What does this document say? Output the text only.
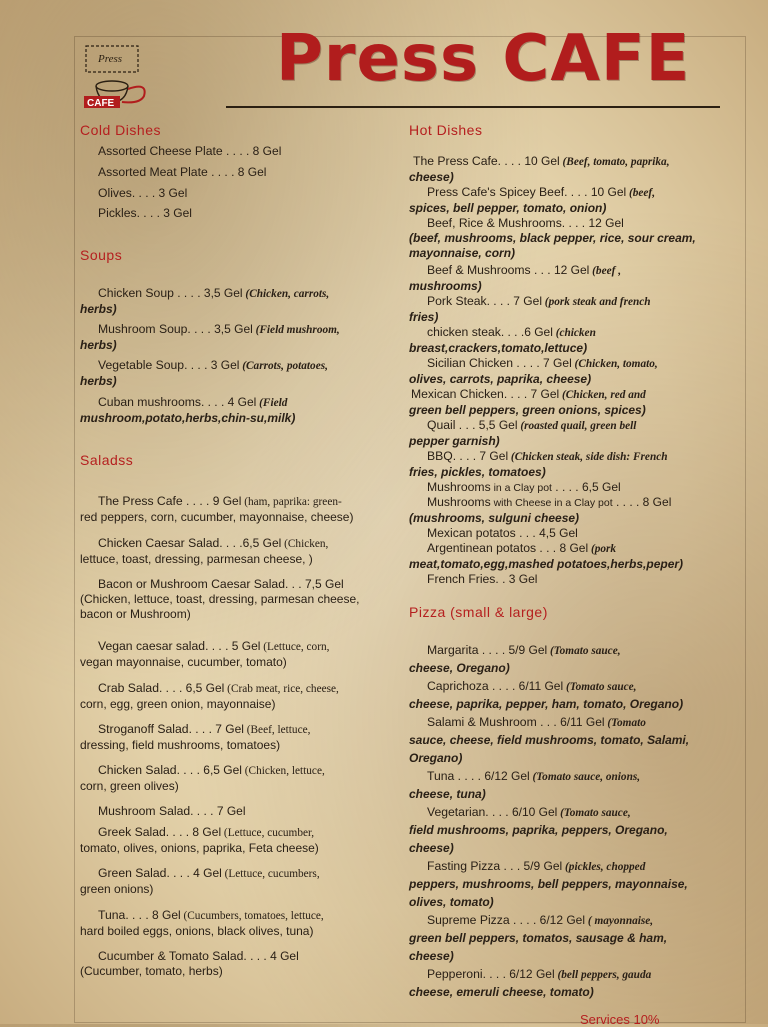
Press
CAFE
Press CAFE
Cold Dishes
Assorted Cheese Plate . . . . 8 Gel
Assorted Meat Plate . . . . 8 Gel
Olives. . . . 3 Gel
Pickles. . . . 3 Gel
Soups
Chicken Soup . . . . 3,5 Gel (Chicken, carrots,
herbs)
Mushroom Soup. . . . 3,5 Gel (Field mushroom,
herbs)
Vegetable Soup. . . . 3 Gel (Carrots, potatoes,
herbs)
Cuban mushrooms. . . . 4 Gel (Field
mushroom,potato,herbs,chin-su,milk)
Saladss
The Press Cafe . . . . 9 Gel (ham, paprika: green-
red peppers, corn, cucumber, mayonnaise, cheese)
Chicken Caesar Salad. . . .6,5 Gel (Chicken,
lettuce, toast, dressing, parmesan cheese, )
Bacon or Mushroom Caesar Salad. . . 7,5 Gel
(Chicken, lettuce, toast, dressing, parmesan cheese,
bacon or Mushroom)
Vegan caesar salad. . . . 5 Gel (Lettuce, corn,
vegan mayonnaise, cucumber, tomato)
Crab Salad. . . . 6,5 Gel (Crab meat, rice, cheese,
corn, egg, green onion, mayonnaise)
Stroganoff Salad. . . . 7 Gel (Beef, lettuce,
dressing, field mushrooms, tomatoes)
Chicken Salad. . . . 6,5 Gel (Chicken, lettuce,
corn, green olives)
Mushroom Salad. . . . 7 Gel
Greek Salad. . . . 8 Gel (Lettuce, cucumber,
tomato, olives, onions, paprika, Feta cheese)
Green Salad. . . . 4 Gel (Lettuce, cucumbers,
green onions)
Tuna. . . . 8 Gel (Cucumbers, tomatoes, lettuce,
hard boiled eggs, onions, black olives, tuna)
Cucumber & Tomato Salad. . . . 4 Gel
(Cucumber, tomato, herbs)
Hot Dishes
The Press Cafe. . . . 10 Gel (Beef, tomato, paprika,
cheese)
Press Cafe's Spicey Beef. . . . 10 Gel (beef,
spices, bell pepper, tomato, onion)
Beef, Rice & Mushrooms. . . . 12 Gel
(beef, mushrooms, black pepper, rice, sour cream,
mayonnaise, corn)
Beef & Mushrooms . . . 12 Gel (beef ,
mushrooms)
Pork Steak. . . . 7 Gel (pork steak and french
fries)
chicken steak. . . .6 Gel (chicken
breast,crackers,tomato,lettuce)
Sicilian Chicken . . . . 7 Gel (Chicken, tomato,
olives, carrots, paprika, cheese)
Mexican Chicken. . . . 7 Gel (Chicken, red and
green bell peppers, green onions, spices)
Quail . . . 5,5 Gel (roasted quail, green bell
pepper garnish)
BBQ. . . . 7 Gel (Chicken steak, side dish: French
fries, pickles, tomatoes)
Mushrooms in a Clay pot . . . . 6,5 Gel
Mushrooms with Cheese in a Clay pot . . . . 8 Gel
(mushrooms, sulguni cheese)
Mexican potatos . . . 4,5 Gel
Argentinean potatos . . . 8 Gel (pork
meat,tomato,egg,mashed potatoes,herbs,peper)
French Fries. . 3 Gel
Pizza (small & large)
Margarita . . . . 5/9 Gel (Tomato sauce,
cheese, Oregano)
Caprichoza . . . . 6/11 Gel (Tomato sauce,
cheese, paprika, pepper, ham, tomato, Oregano)
Salami & Mushroom . . . 6/11 Gel (Tomato
sauce, cheese, field mushrooms, tomato, Salami,
Oregano)
Tuna . . . . 6/12 Gel (Tomato sauce, onions,
cheese, tuna)
Vegetarian. . . . 6/10 Gel (Tomato sauce,
field mushrooms, paprika, peppers, Oregano,
cheese)
Fasting Pizza . . . 5/9 Gel (pickles, chopped
peppers, mushrooms, bell peppers, mayonnaise,
olives, tomato)
Supreme Pizza . . . . 6/12 Gel ( mayonnaise,
green bell peppers, tomatos, sausage & ham,
cheese)
Pepperoni. . . . 6/12 Gel (bell peppers, gauda
cheese, emeruli cheese, tomato)
Services 10%
